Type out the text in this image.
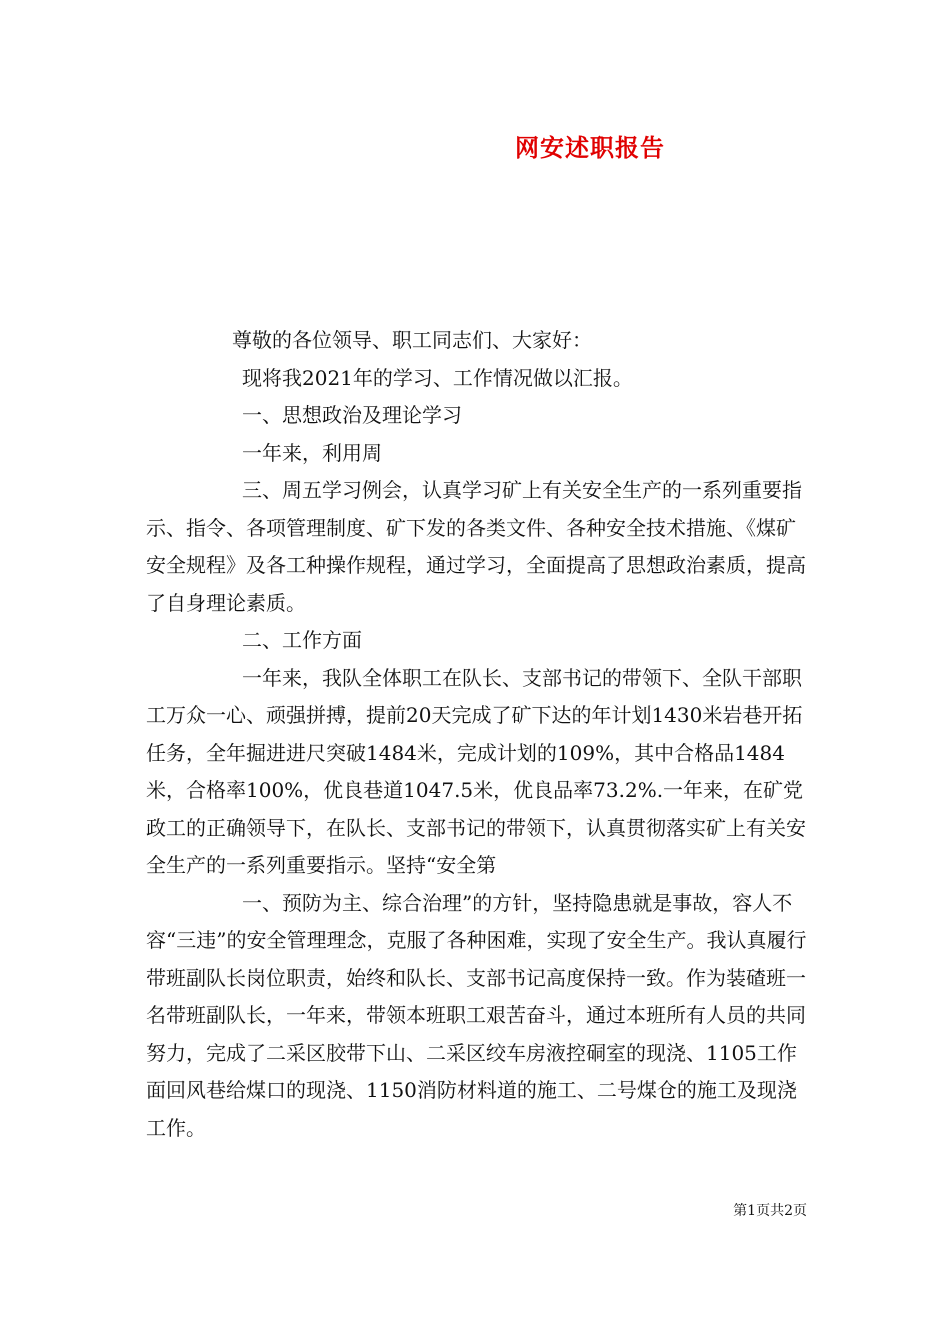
网安述职报告

尊敬的各位领导、职工同志们、大家好：

现将我2021年的学习、工作情况做以汇报。

一、思想政治及理论学习

一年来，利用周

三、周五学习例会，认真学习矿上有关安全生产的一系列重要指示、指令、各项管理制度、矿下发的各类文件、各种安全技术措施、《煤矿安全规程》及各工种操作规程，通过学习，全面提高了思想政治素质，提高了自身理论素质。

二、工作方面

一年来，我队全体职工在队长、支部书记的带领下、全队干部职工万众一心、顽强拼搏，提前20天完成了矿下达的年计划1430米岩巷开拓任务，全年掘进进尺突破1484米，完成计划的109%，其中合格品1484米，合格率100%，优良巷道1047.5米，优良品率73.2%.一年来，在矿党政工的正确领导下，在队长、支部书记的带领下，认真贯彻落实矿上有关安全生产的一系列重要指示。坚持“安全第

一、预防为主、综合治理”的方针，坚持隐患就是事故，容人不容“三违”的安全管理理念，克服了各种困难，实现了安全生产。我认真履行带班副队长岗位职责，始终和队长、支部书记高度保持一致。作为装碴班一名带班副队长，一年来，带领本班职工艰苦奋斗，通过本班所有人员的共同努力，完成了二采区胶带下山、二采区绞车房液控硐室的现浇、1105工作面回风巷给煤口的现浇、1150消防材料道的施工、二号煤仓的施工及现浇工作。

第1页共2页
